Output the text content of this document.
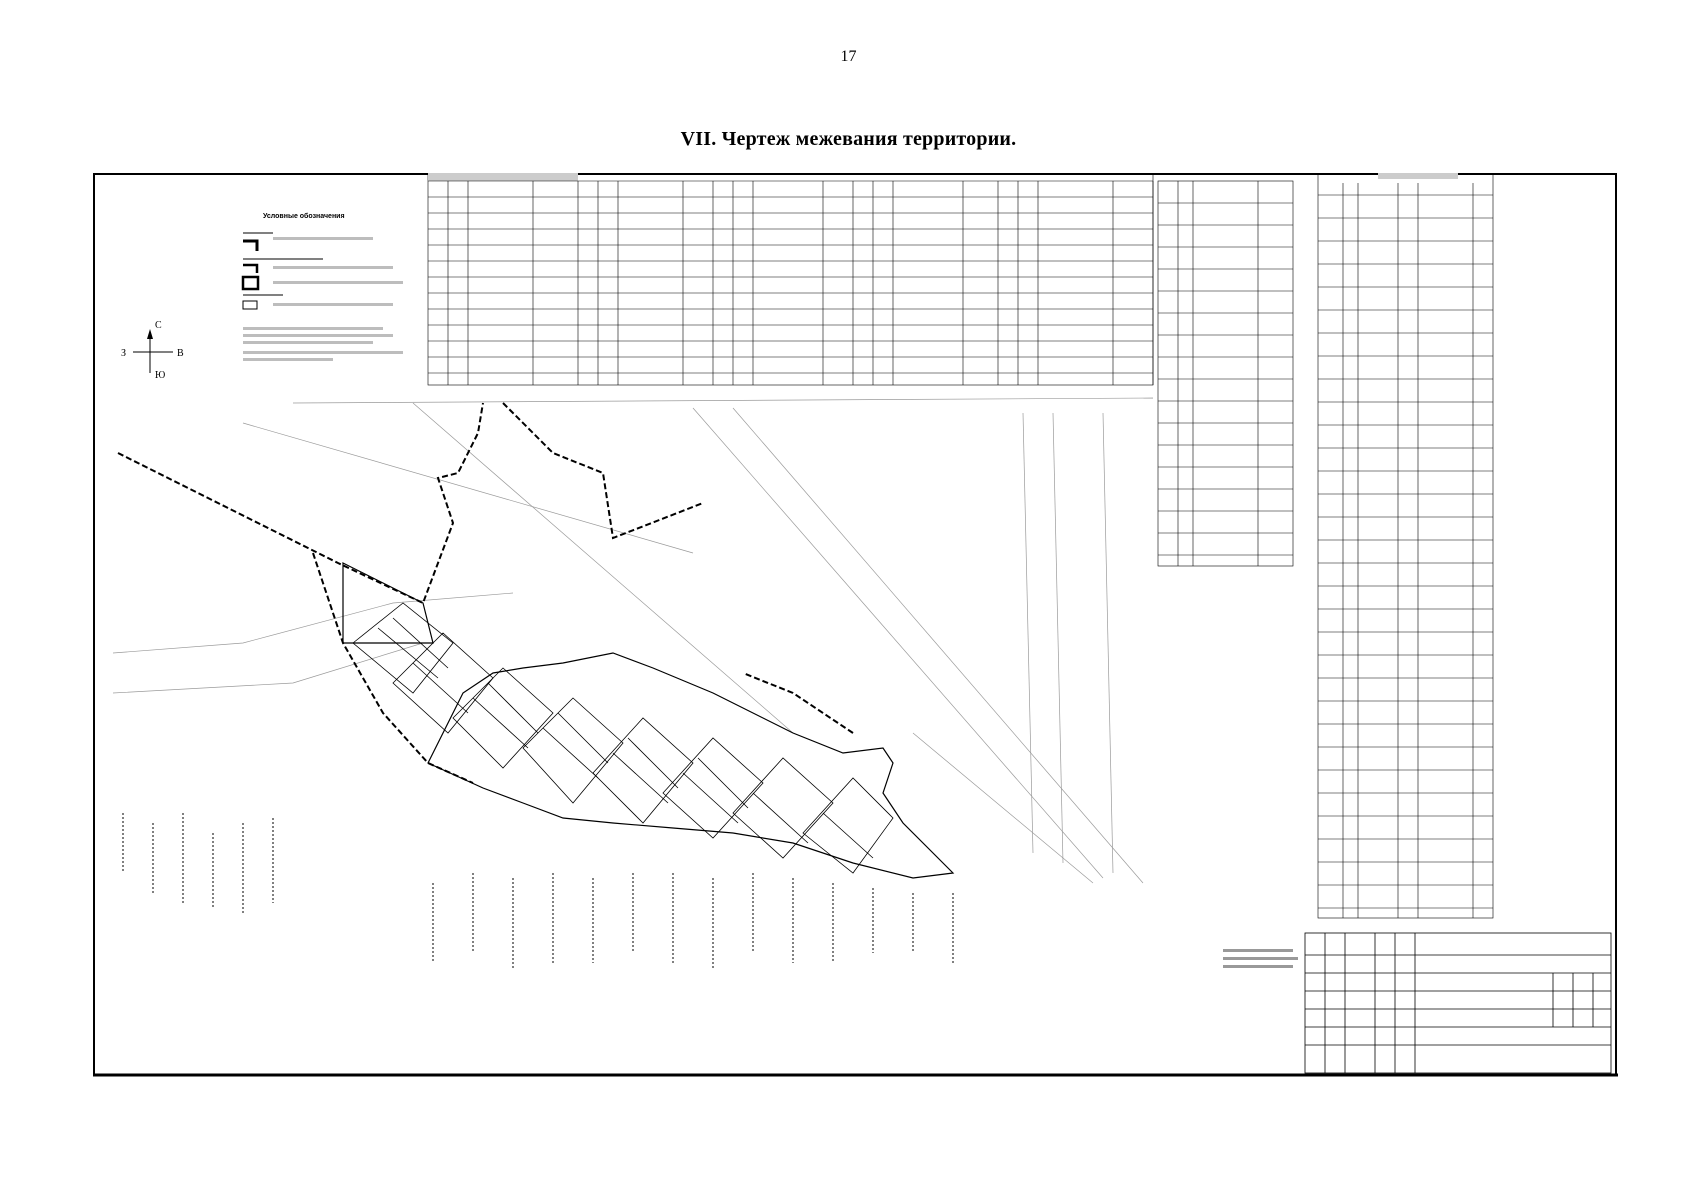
17
VII. Чертеж межевания территории.
Условные обозначения
С
Ю
З	В
